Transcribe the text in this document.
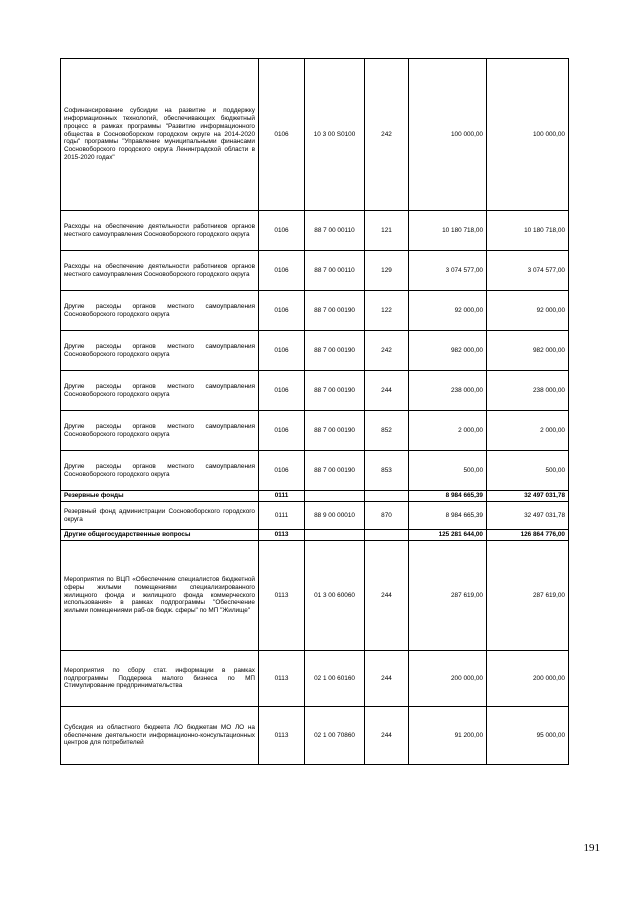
Софинансирование субсидии на развитие и поддержку информационных технологий, обеспечивающих бюджетный процесс в рамках программы "Развитие информационного общества в Сосновоборском городском округе на 2014-2020 годы" программы "Управление муниципальными финансами Сосновоборского городского округа Ленинградской области в 2015-2020 годах"	0106	10 3 00 S0100	242	100 000,00	100 000,00
Расходы на обеспечение деятельности работников органов местного самоуправления Сосновоборского городского округа	0106	88 7 00 00110	121	10 180 718,00	10 180 718,00
Расходы на обеспечение деятельности работников органов местного самоуправления Сосновоборского городского округа	0106	88 7 00 00110	129	3 074 577,00	3 074 577,00
Другие расходы органов местного самоуправления Сосновоборского городского округа	0106	88 7 00 00190	122	92 000,00	92 000,00
Другие расходы органов местного самоуправления Сосновоборского городского округа	0106	88 7 00 00190	242	982 000,00	982 000,00
Другие расходы органов местного самоуправления Сосновоборского городского округа	0106	88 7 00 00190	244	238 000,00	238 000,00
Другие расходы органов местного самоуправления Сосновоборского городского округа	0106	88 7 00 00190	852	2 000,00	2 000,00
Другие расходы органов местного самоуправления Сосновоборского городского округа	0106	88 7 00 00190	853	500,00	500,00
Резервные фонды	0111			8 984 665,39	32 497 031,78
Резервный фонд администрации Сосновоборского городского округа	0111	88 9 00 00010	870	8 984 665,39	32 497 031,78
Другие общегосударственные вопросы	0113			125 281 644,00	126 864 776,00
Мероприятия по ВЦП «Обеспечение специалистов бюджетной сферы жилыми помещениями специализированного жилищного фонда и жилищного фонда коммерческого использования» в рамках подпрограммы "Обеспечение жилыми помещениями раб-ов бюдж. сферы" по МП "Жилище"	0113	01 3 00 60060	244	287 619,00	287 619,00
Мероприятия по сбору стат. информации в рамках подпрограммы Поддержка малого бизнеса по МП Стимулирование предпринимательства	0113	02 1 00 60160	244	200 000,00	200 000,00
Субсидия из областного бюджета ЛО бюджетам МО ЛО на обеспечение деятельности информационно-консультационных центров для потребителей	0113	02 1 00 70860	244	91 200,00	95 000,00
191
